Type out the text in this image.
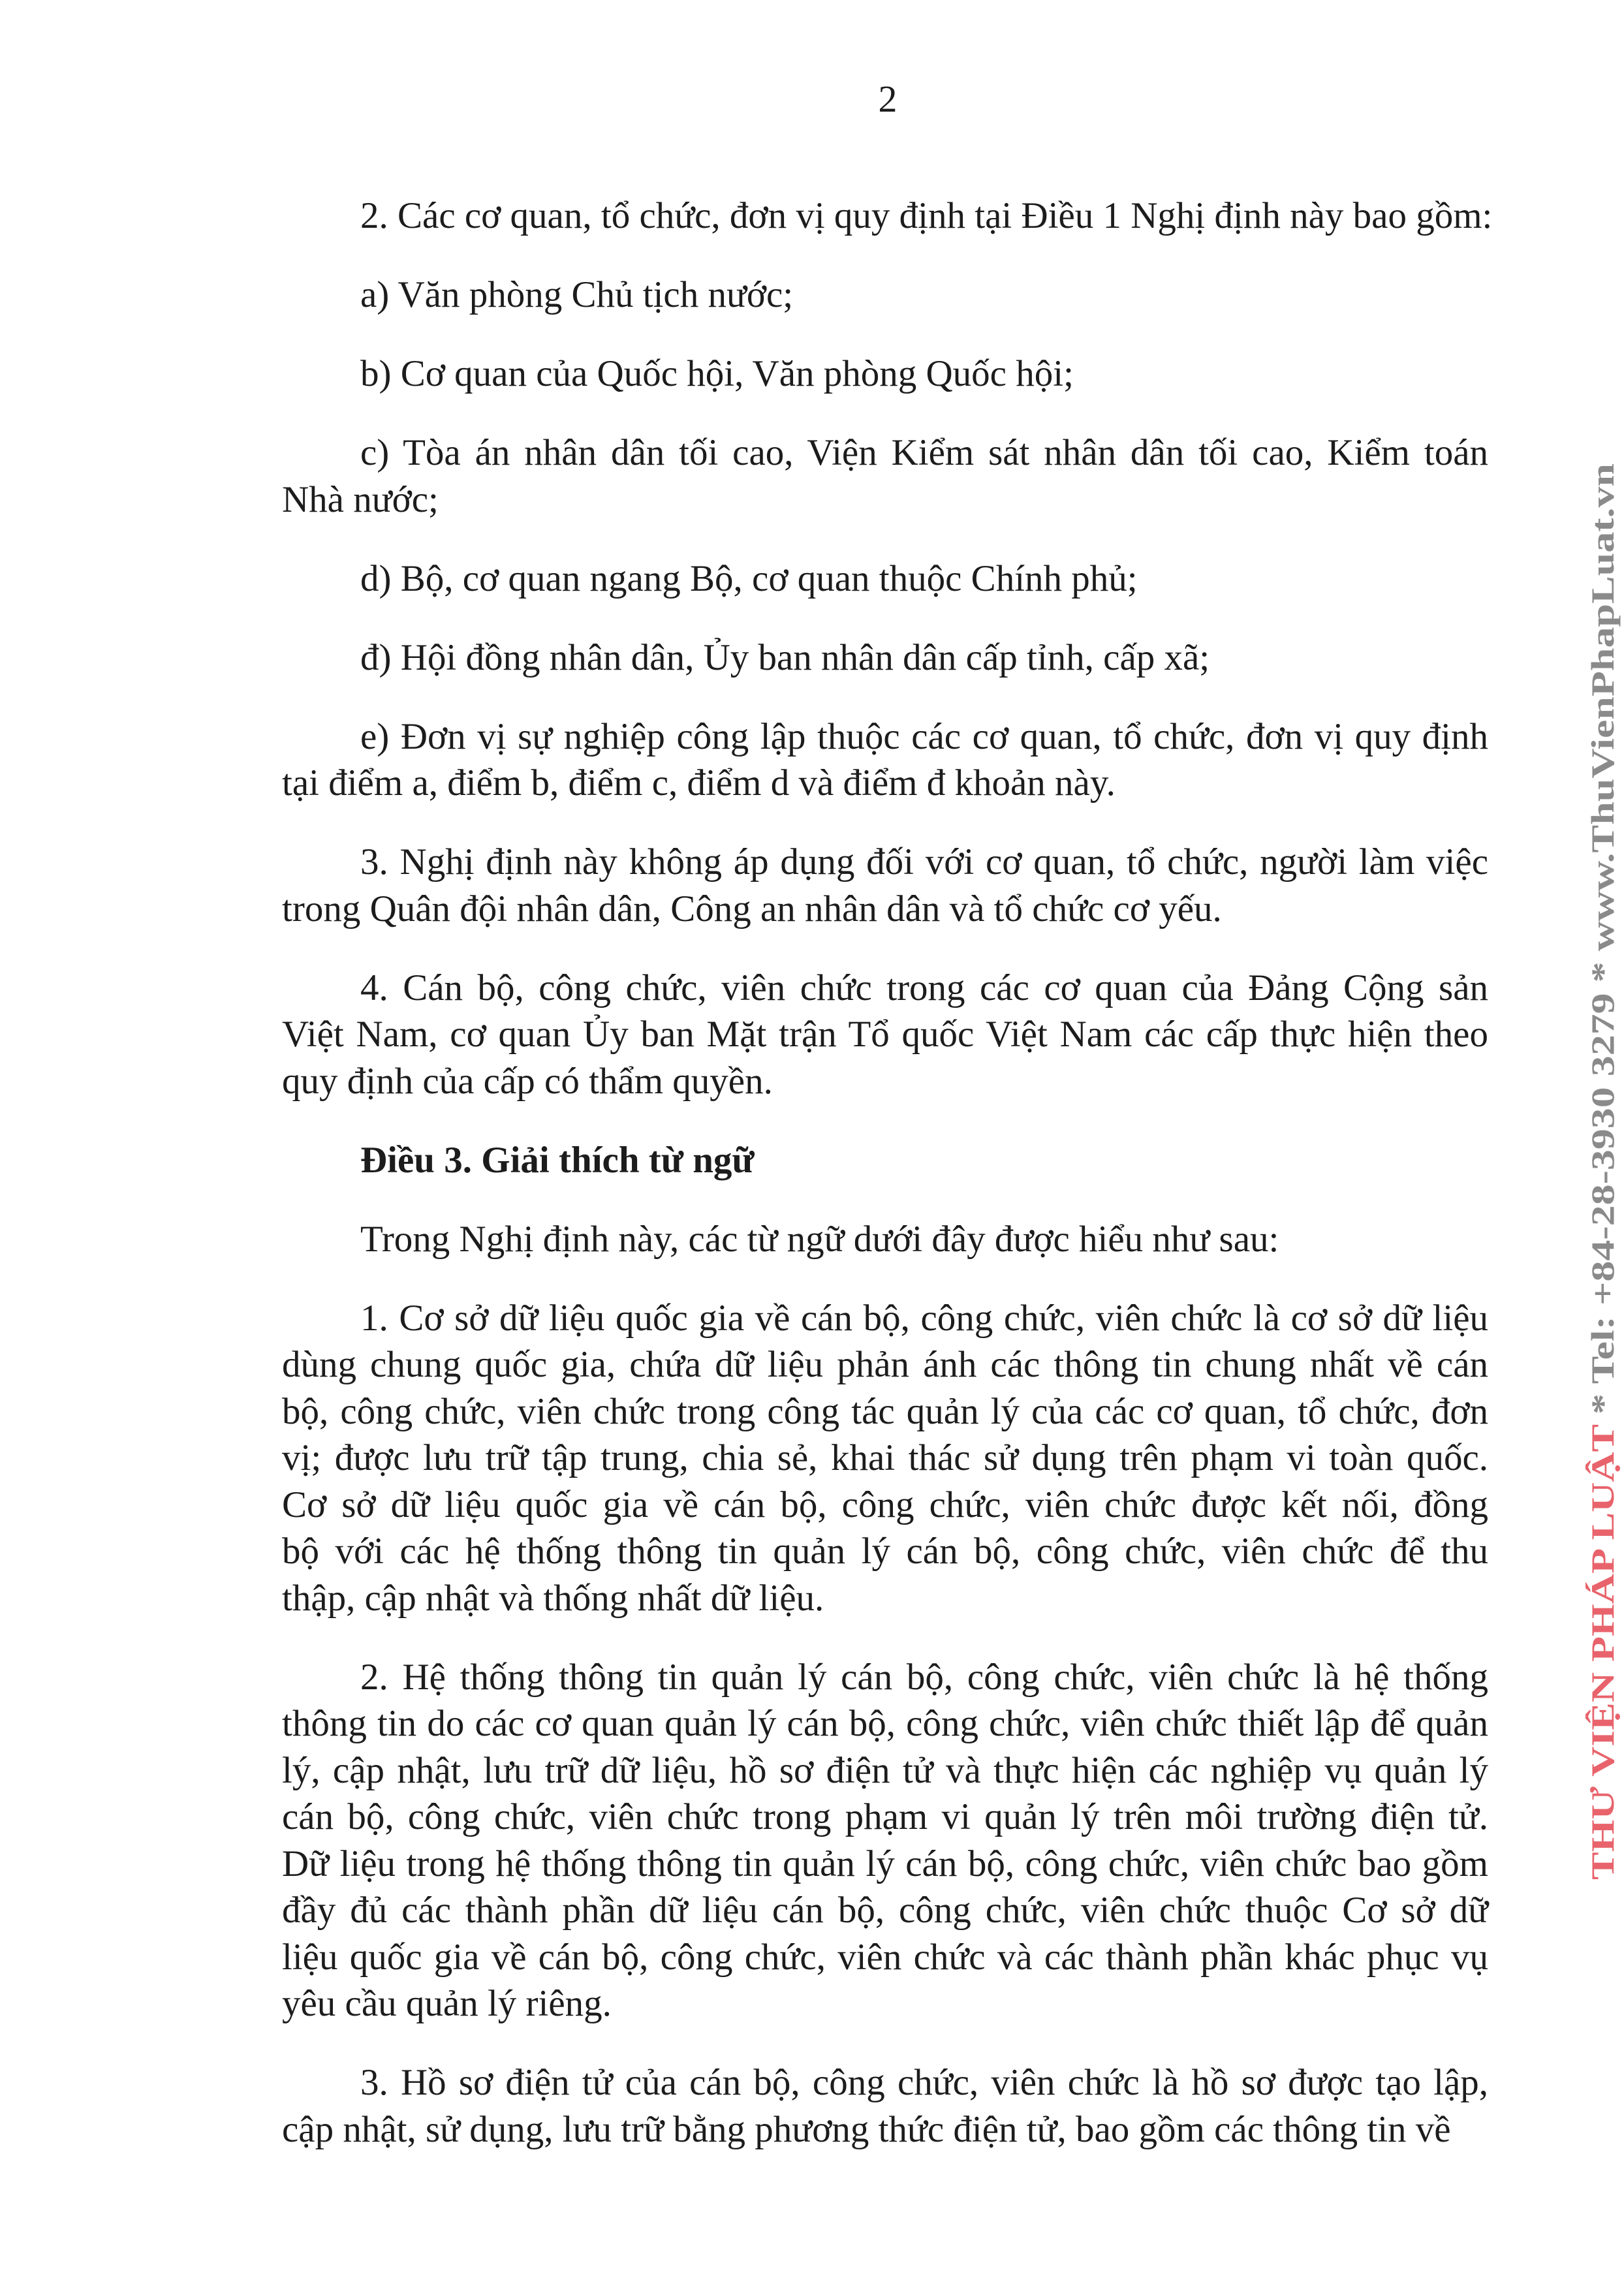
2
2. Các cơ quan, tổ chức, đơn vị quy định tại Điều 1 Nghị định này bao gồm:
a) Văn phòng Chủ tịch nước;
b) Cơ quan của Quốc hội, Văn phòng Quốc hội;
c) Tòa án nhân dân tối cao, Viện Kiểm sát nhân dân tối cao, Kiểm toán
Nhà nước;
d) Bộ, cơ quan ngang Bộ, cơ quan thuộc Chính phủ;
đ) Hội đồng nhân dân, Ủy ban nhân dân cấp tỉnh, cấp xã;
e) Đơn vị sự nghiệp công lập thuộc các cơ quan, tổ chức, đơn vị quy định
tại điểm a, điểm b, điểm c, điểm d và điểm đ khoản này.
3. Nghị định này không áp dụng đối với cơ quan, tổ chức, người làm việc
trong Quân đội nhân dân, Công an nhân dân và tổ chức cơ yếu.
4. Cán bộ, công chức, viên chức trong các cơ quan của Đảng Cộng sản
Việt Nam, cơ quan Ủy ban Mặt trận Tổ quốc Việt Nam các cấp thực hiện theo
quy định của cấp có thẩm quyền.
Điều 3. Giải thích từ ngữ
Trong Nghị định này, các từ ngữ dưới đây được hiểu như sau:
1. Cơ sở dữ liệu quốc gia về cán bộ, công chức, viên chức là cơ sở dữ liệu
dùng chung quốc gia, chứa dữ liệu phản ánh các thông tin chung nhất về cán
bộ, công chức, viên chức trong công tác quản lý của các cơ quan, tổ chức, đơn
vị; được lưu trữ tập trung, chia sẻ, khai thác sử dụng trên phạm vi toàn quốc.
Cơ sở dữ liệu quốc gia về cán bộ, công chức, viên chức được kết nối, đồng
bộ với các hệ thống thông tin quản lý cán bộ, công chức, viên chức để thu
thập, cập nhật và thống nhất dữ liệu.
2. Hệ thống thông tin quản lý cán bộ, công chức, viên chức là hệ thống
thông tin do các cơ quan quản lý cán bộ, công chức, viên chức thiết lập để quản
lý, cập nhật, lưu trữ dữ liệu, hồ sơ điện tử và thực hiện các nghiệp vụ quản lý
cán bộ, công chức, viên chức trong phạm vi quản lý trên môi trường điện tử.
Dữ liệu trong hệ thống thông tin quản lý cán bộ, công chức, viên chức bao gồm
đầy đủ các thành phần dữ liệu cán bộ, công chức, viên chức thuộc Cơ sở dữ
liệu quốc gia về cán bộ, công chức, viên chức và các thành phần khác phục vụ
yêu cầu quản lý riêng.
3. Hồ sơ điện tử của cán bộ, công chức, viên chức là hồ sơ được tạo lập,
cập nhật, sử dụng, lưu trữ bằng phương thức điện tử, bao gồm các thông tin về
THƯ VIỆN PHÁP LUẬT * Tel: +84-28-3930 3279 * www.ThuVienPhapLuat.vn
